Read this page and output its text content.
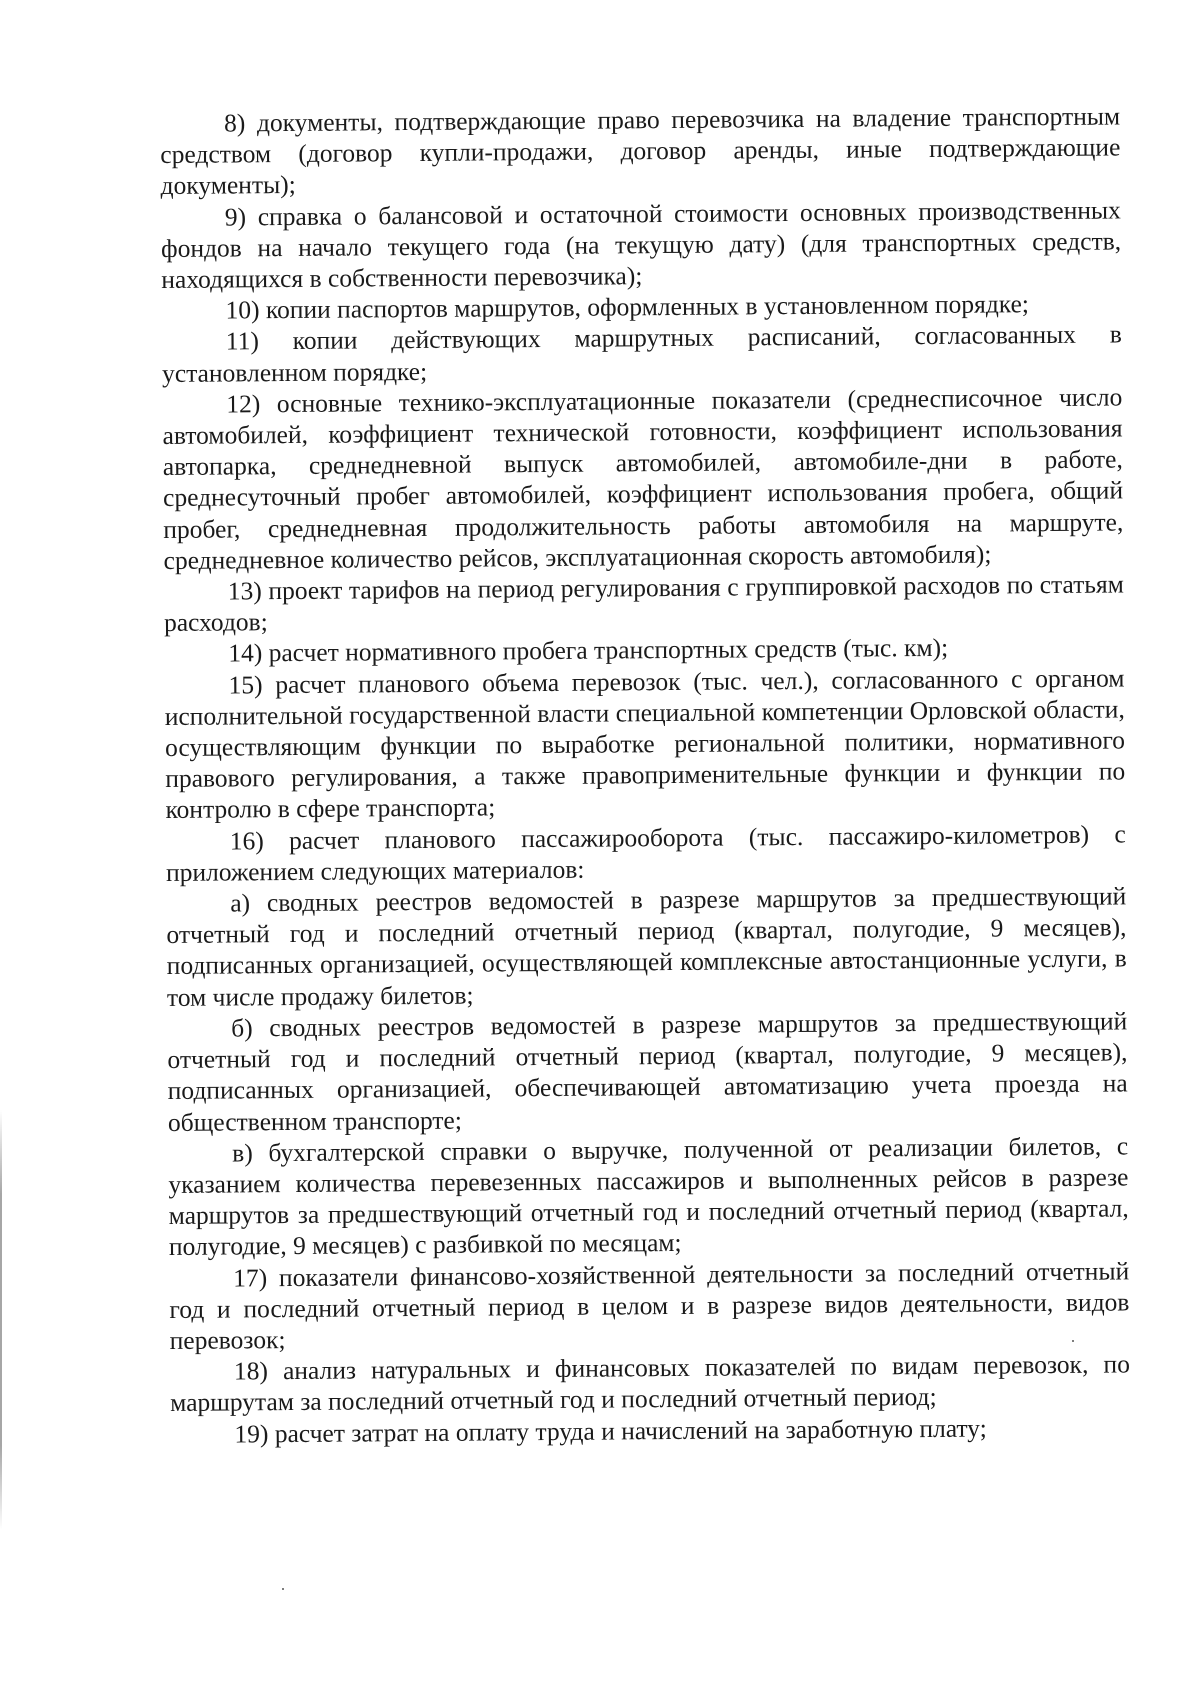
8) документы, подтверждающие право перевозчика на владение транспортным средством (договор купли-продажи, договор аренды, иные подтверждающие документы);

9) справка о балансовой и остаточной стоимости основных производственных фондов на начало текущего года (на текущую дату) (для транспортных средств, находящихся в собственности перевозчика);

10) копии паспортов маршрутов, оформленных в установленном порядке;

11) копии действующих маршрутных расписаний, согласованных в установленном порядке;

12) основные технико-эксплуатационные показатели (среднесписочное число автомобилей, коэффициент технической готовности, коэффициент использования автопарка, среднедневной выпуск автомобилей, автомобиле-дни в работе, среднесуточный пробег автомобилей, коэффициент использования пробега, общий пробег, среднедневная продолжительность работы автомобиля на маршруте, среднедневное количество рейсов, эксплуатационная скорость автомобиля);

13) проект тарифов на период регулирования с группировкой расходов по статьям расходов;

14) расчет нормативного пробега транспортных средств (тыс. км);

15) расчет планового объема перевозок (тыс. чел.), согласованного с органом исполнительной государственной власти специальной компетенции Орловской области, осуществляющим функции по выработке региональной политики, нормативного правового регулирования, а также правоприменительные функции и функции по контролю в сфере транспорта;

16) расчет планового пассажирооборота (тыс. пассажиро-километров) с приложением следующих материалов:

а) сводных реестров ведомостей в разрезе маршрутов за предшествующий отчетный год и последний отчетный период (квартал, полугодие, 9 месяцев), подписанных организацией, осуществляющей комплексные автостанционные услуги, в том числе продажу билетов;

б) сводных реестров ведомостей в разрезе маршрутов за предшествующий отчетный год и последний отчетный период (квартал, полугодие, 9 месяцев), подписанных организацией, обеспечивающей автоматизацию учета проезда на общественном транспорте;

в) бухгалтерской справки о выручке, полученной от реализации билетов, с указанием количества перевезенных пассажиров и выполненных рейсов в разрезе маршрутов за предшествующий отчетный год и последний отчетный период (квартал, полугодие, 9 месяцев) с разбивкой по месяцам;

17) показатели финансово-хозяйственной деятельности за последний отчетный год и последний отчетный период в целом и в разрезе видов деятельности, видов перевозок;

18) анализ натуральных и финансовых показателей по видам перевозок, по маршрутам за последний отчетный год и последний отчетный период;

19) расчет затрат на оплату труда и начислений на заработную плату;
